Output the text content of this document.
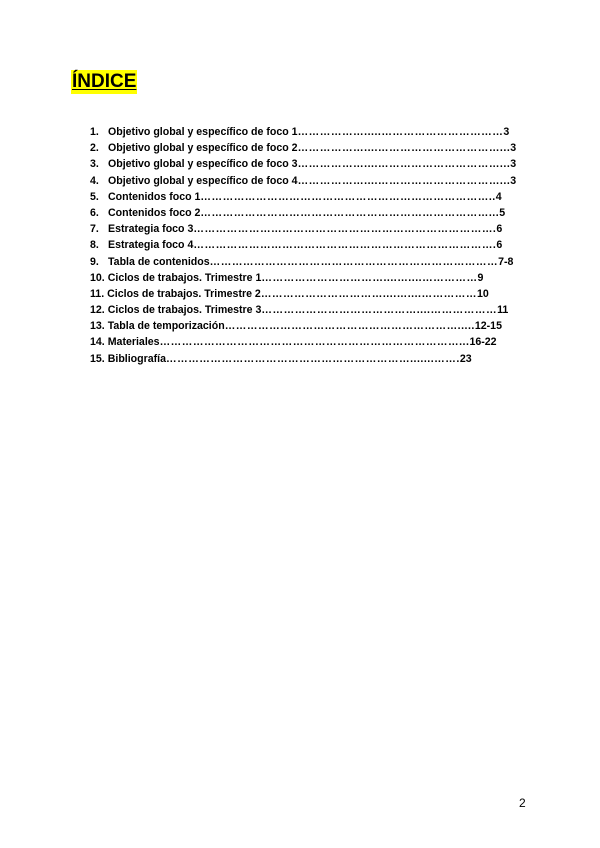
ÍNDICE
1. Objetivo global y específico de foco 1……………….....……………………………3
2. Objetivo global y específico de foco 2………………....……………………………...3
3. Objetivo global y específico de foco 3………………....……………………………...3
4. Objetivo global y específico de foco 4………………....……………………………...3
5. Contenidos foco 1……………………………………………………………………..4
6. Contenidos foco 2……………………………………………………………………...5
7. Estrategia foco 3……………………………………………………………………….6
8. Estrategia foco 4……………………………………………………………………….6
9. Tabla de contenidos……………………………………………………………………7-8
10. Ciclos de trabajos. Trimestre 1……………………………....…....……………9
11. Ciclos de trabajos. Trimestre 2……………………………....…....……………10
12. Ciclos de trabajos. Trimestre 3……………………………………....………………11
13. Tabla de temporización……………………………………………………….....12-15
14. Materiales………………………………………………………………………...16-22
15. Bibliografía………………………………………………………….......…….23
2
